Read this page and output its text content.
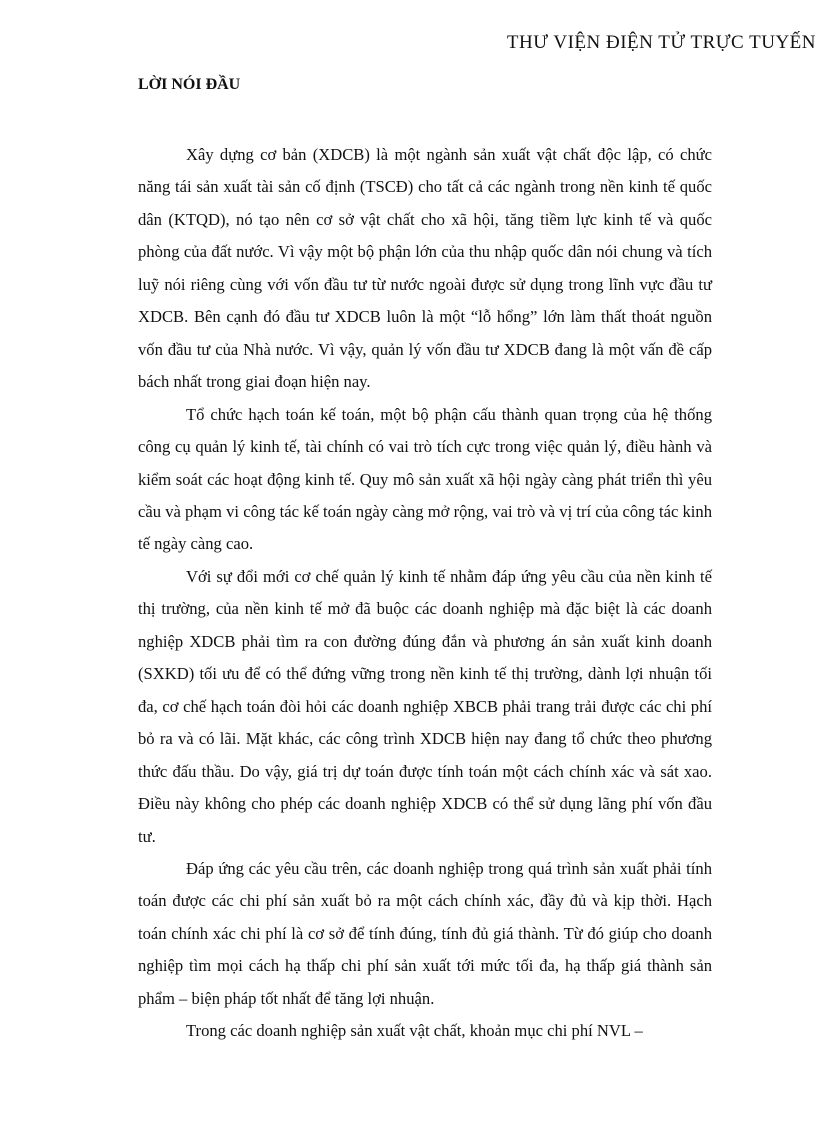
THƯ VIỆN ĐIỆN TỬ TRỰC TUYẾN
LỜI NÓI ĐẦU

Xây dựng cơ bản (XDCB) là một ngành sản xuất vật chất độc lập, có chức năng tái sản xuất tài sản cố định (TSCĐ) cho tất cả các ngành trong nền kinh tế quốc dân (KTQD), nó tạo nên cơ sở vật chất cho xã hội, tăng tiềm lực kinh tế và quốc phòng của đất nước. Vì vậy một bộ phận lớn của thu nhập quốc dân nói chung và tích luỹ nói riêng cùng với vốn đầu tư từ nước ngoài được sử dụng trong lĩnh vực đầu tư XDCB. Bên cạnh đó đầu tư XDCB luôn là một “lỗ hổng” lớn làm thất thoát nguồn vốn đầu tư của Nhà nước. Vì vậy, quản lý vốn đầu tư XDCB đang là một vấn đề cấp bách nhất trong giai đoạn hiện nay.

Tổ chức hạch toán kế toán, một bộ phận cấu thành quan trọng của hệ thống công cụ quản lý kinh tế, tài chính có vai trò tích cực trong việc quản lý, điều hành và kiểm soát các hoạt động kinh tế. Quy mô sản xuất xã hội ngày càng phát triển thì yêu cầu và phạm vi công tác kế toán ngày càng mở rộng, vai trò và vị trí của công tác kinh tế ngày càng cao.

Với sự đổi mới cơ chế quản lý kinh tế nhằm đáp ứng yêu cầu của nền kinh tế thị trường, của nền kinh tế mở đã buộc các doanh nghiệp mà đặc biệt là các doanh nghiệp XDCB phải tìm ra con đường đúng đắn và phương án sản xuất kinh doanh (SXKD) tối ưu để có thể đứng vững trong nền kinh tế thị trường, dành lợi nhuận tối đa, cơ chế hạch toán đòi hỏi các doanh nghiệp XBCB phải trang trải được các chi phí bỏ ra và có lãi. Mặt khác, các công trình XDCB hiện nay đang tổ chức theo phương thức đấu thầu. Do vậy, giá trị dự toán được tính toán một cách chính xác và sát xao. Điều này không cho phép các doanh nghiệp XDCB có thể sử dụng lãng phí vốn đầu tư.

Đáp ứng các yêu cầu trên, các doanh nghiệp trong quá trình sản xuất phải tính toán được các chi phí sản xuất bỏ ra một cách chính xác, đầy đủ và kịp thời. Hạch toán chính xác chi phí là cơ sở để tính đúng, tính đủ giá thành. Từ đó giúp cho doanh nghiệp tìm mọi cách hạ thấp chi phí sản xuất tới mức tối đa, hạ thấp giá thành sản phẩm – biện pháp tốt nhất để tăng lợi nhuận.

Trong các doanh nghiệp sản xuất vật chất, khoản mục chi phí NVL –
